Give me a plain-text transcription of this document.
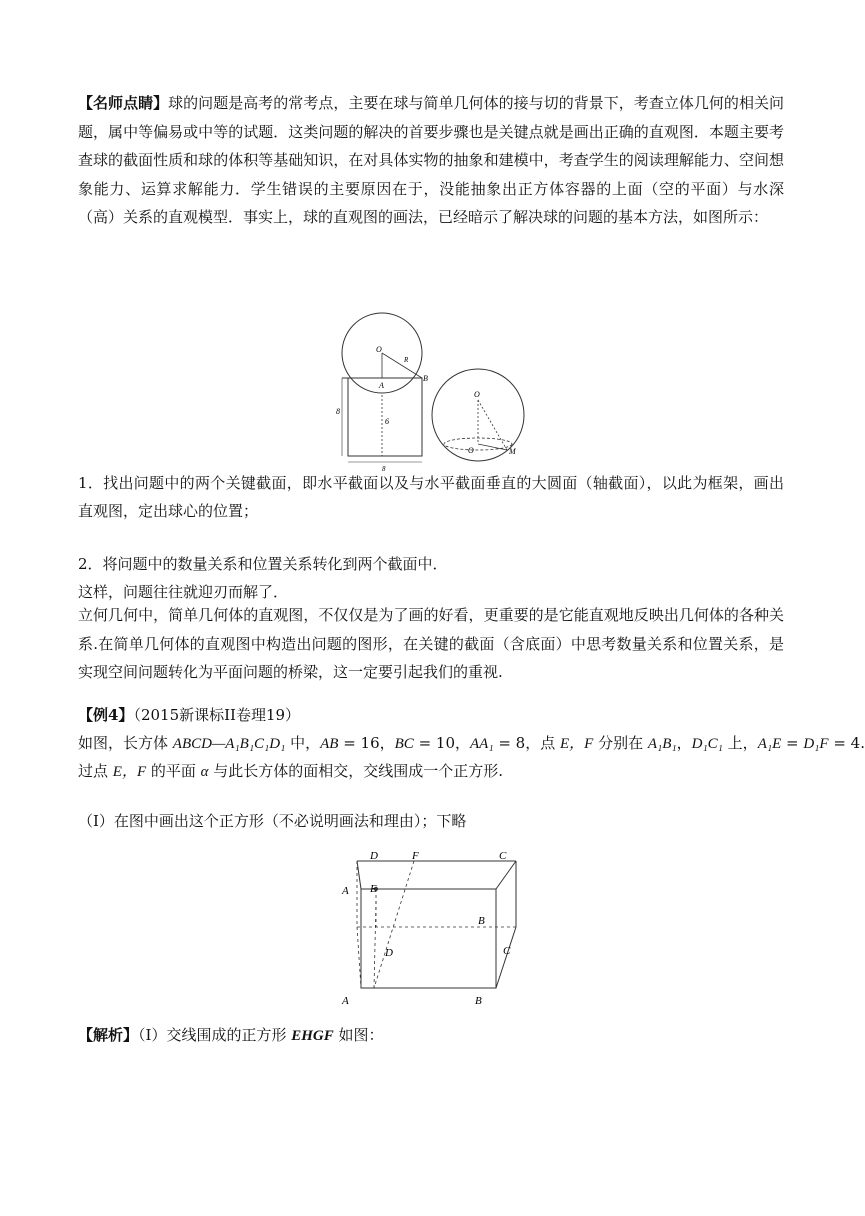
【名师点睛】球的问题是高考的常考点，主要在球与简单几何体的接与切的背景下，考查立体几何的相关问题，属中等偏易或中等的试题．这类问题的解决的首要步骤也是关键点就是画出正确的直观图．本题主要考查球的截面性质和球的体积等基础知识，在对具体实物的抽象和建模中，考查学生的阅读理解能力、空间想象能力、运算求解能力．学生错误的主要原因在于，没能抽象出正方体容器的上面（空的平面）与水深（高）关系的直观模型．事实上，球的直观图的画法，已经暗示了解决球的问题的基本方法，如图所示：

O
R
A
B
8
6
8
O
O	M

1．找出问题中的两个关键截面，即水平截面以及与水平截面垂直的大圆面（轴截面），以此为框架，画出直观图，定出球心的位置；

2．将问题中的数量关系和位置关系转化到两个截面中．

这样，问题往往就迎刃而解了．

立何几何中，简单几何体的直观图，不仅仅是为了画的好看，更重要的是它能直观地反映出几何体的各种关系.在简单几何体的直观图中构造出问题的图形，在关键的截面（含底面）中思考数量关系和位置关系，是实现空间问题转化为平面问题的桥梁，这一定要引起我们的重视.

【例4】（2015新课标II卷理19）

如图，长方体 ABCD—A₁B₁C₁D₁ 中，AB = 16，BC = 10，AA₁ = 8，点 E，F 分别在 A₁B₁，D₁C₁ 上，A₁E = D₁F = 4.

过点 E，F 的平面 α 与此长方体的面相交，交线围成一个正方形.

（I）在图中画出这个正方形（不必说明画法和理由）；下略

D	F	C
A E
B
D	C
A	B

【解析】（Ⅰ）交线围成的正方形 EHGF 如图：
